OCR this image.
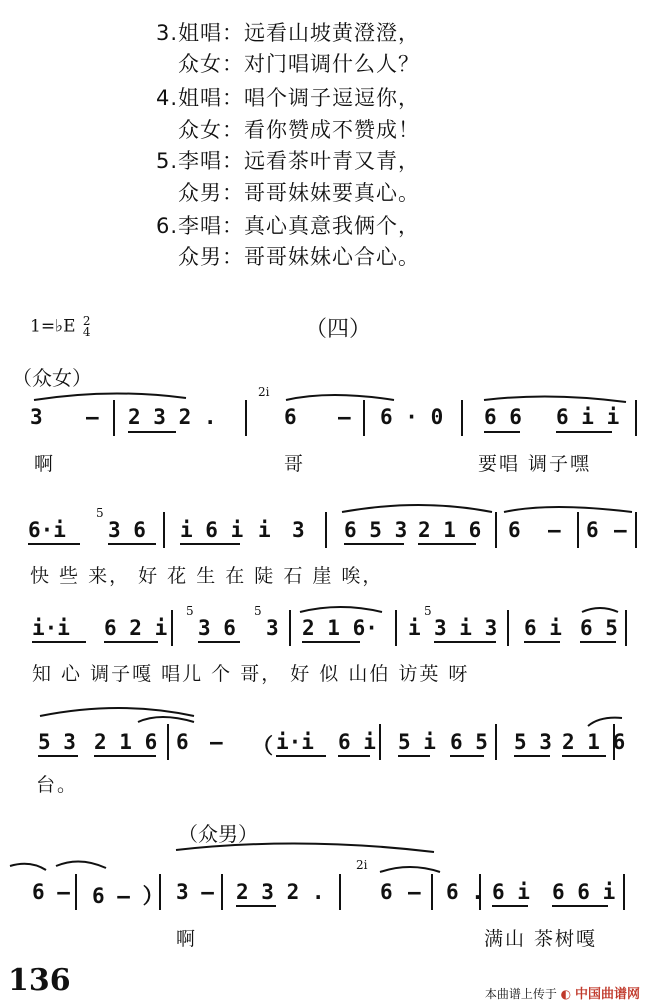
3.姐唱：远看山坡黄澄澄，
众女：对门唱调什么人？
4.姐唱：唱个调子逗逗你，
众女：看你赞成不赞成！
5.李唱：远看茶叶青又青，
众男：哥哥妹妹要真心。
6.李唱：真心真意我俩个，
众男：哥哥妹妹心合心。
1=♭E 2
4	（四）
（众女）
3 – 2 3 2 .
2i
6 – 6 · 0 6 6 6 i i
啊	哥	要唱 调子嘿
6·i
5
3 6 i 6 i i 3 6 5 3 2 1 6 6 – 6 –
快 些 来， 好 花 生 在 陡 石 崖 唉，
i·i 6 2 i
5
3 6
5
3 2 1 6· i
5
3 i 3 6 i 6 5
知 心 调子嘎 唱儿 个 哥， 好 似 山伯 访英 呀
5 3 2 1 6 6 – （ i·i 6 i 5 i 6 5 5 3 2 1 6
台。
（众男）
6 – 6 – ） 3 – 2 3 2 .
2i
6 – 6 . 6 i 6 6 i
啊	满山 茶树嘎
136	本曲谱上传于 ◐ 中国曲谱网
